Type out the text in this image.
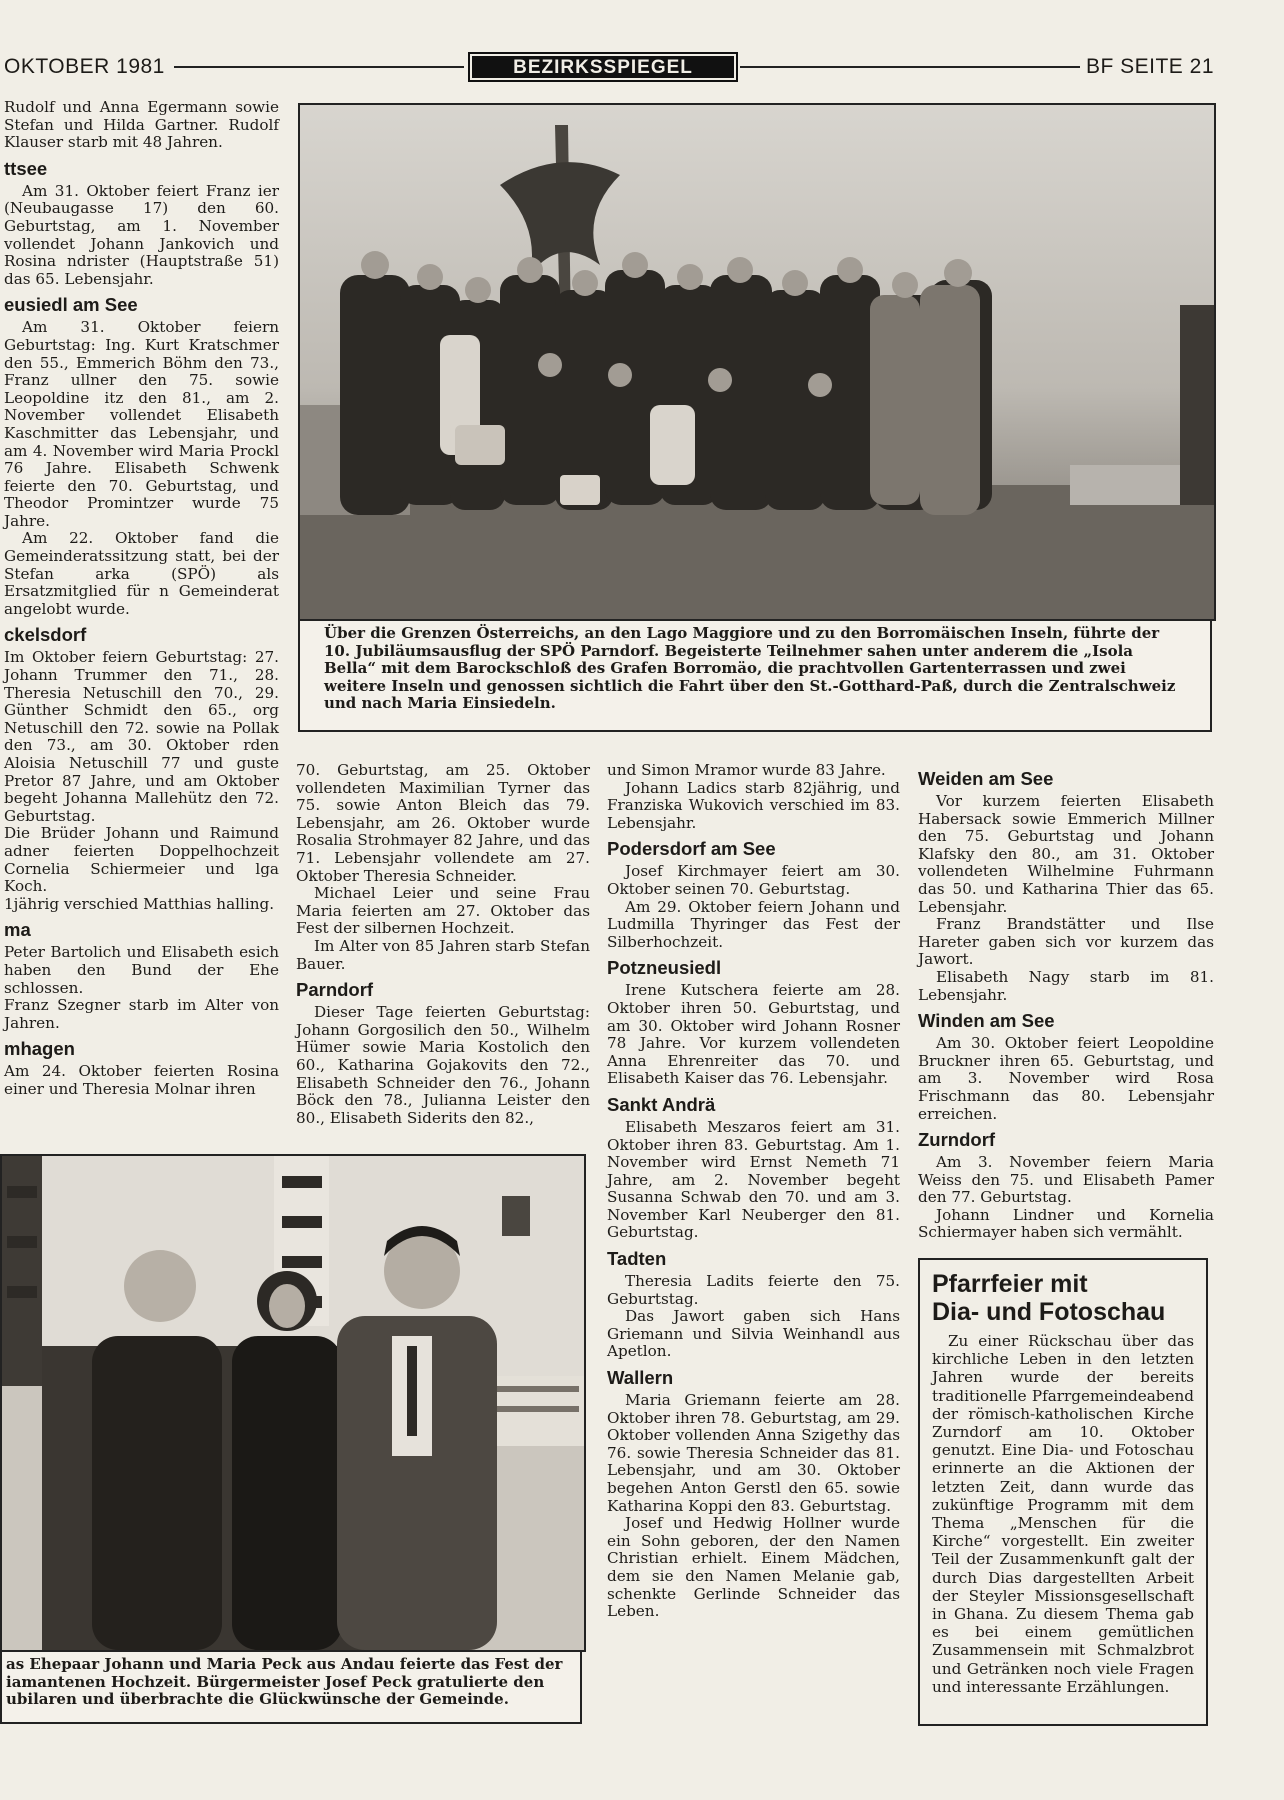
OKTOBER 1981	BEZIRKSSPIEGEL	BF SEITE 21

Rudolf und Anna Egermann sowie Stefan und Hilda Gartner. Rudolf Klauser starb mit 48 Jahren.

ttsee

Am 31. Oktober feiert Franz ier (Neubaugasse 17) den 60. Geburtstag, am 1. November vollendet Johann Jankovich und Rosina ndrister (Hauptstraße 51) das 65. Lebensjahr.

eusiedl am See

Am 31. Oktober feiern Geburtstag: Ing. Kurt Kratschmer den 55., Emmerich Böhm den 73., Franz ullner den 75. sowie Leopoldine itz den 81., am 2. November vollendet Elisabeth Kaschmitter das Lebensjahr, und am 4. November wird Maria Prockl 76 Jahre. Elisabeth Schwenk feierte den 70. Geburtstag, und Theodor Promintzer wurde 75 Jahre.

Am 22. Oktober fand die Gemeinderatssitzung statt, bei der Stefan arka (SPÖ) als Ersatzmitglied für n Gemeinderat angelobt wurde.

ckelsdorf

Im Oktober feiern Geburtstag: 27. Johann Trummer den 71., 28. Theresia Netuschill den 70., 29. Günther Schmidt den 65., org Netuschill den 72. sowie na Pollak den 73., am 30. Oktober rden Aloisia Netuschill 77 und guste Pretor 87 Jahre, und am Oktober begeht Johanna Mallehütz den 72. Geburtstag.

Die Brüder Johann und Raimund adner feierten Doppelhochzeit Cornelia Schiermeier und lga Koch.

1jährig verschied Matthias halling.

ma

Peter Bartolich und Elisabeth esich haben den Bund der Ehe schlossen.

Franz Szegner starb im Alter von Jahren.

mhagen

Am 24. Oktober feierten Rosina einer und Theresia Molnar ihren

Über die Grenzen Österreichs, an den Lago Maggiore und zu den Borromäischen Inseln, führte der 10. Jubiläumsausflug der SPÖ Parndorf. Begeisterte Teilnehmer sahen unter anderem die „Isola Bella“ mit dem Barockschloß des Grafen Borromäo, die prachtvollen Gartenterrassen und zwei weitere Inseln und genossen sichtlich die Fahrt über den St.-Gotthard-Paß, durch die Zentralschweiz und nach Maria Einsiedeln.

70. Geburtstag, am 25. Oktober vollendeten Maximilian Tyrner das 75. sowie Anton Bleich das 79. Lebensjahr, am 26. Oktober wurde Rosalia Strohmayer 82 Jahre, und das 71. Lebensjahr vollendete am 27. Oktober Theresia Schneider.

Michael Leier und seine Frau Maria feierten am 27. Oktober das Fest der silbernen Hochzeit.

Im Alter von 85 Jahren starb Stefan Bauer.

Parndorf

Dieser Tage feierten Geburtstag: Johann Gorgosilich den 50., Wilhelm Hümer sowie Maria Kostolich den 60., Katharina Gojakovits den 72., Elisabeth Schneider den 76., Johann Böck den 78., Julianna Leister den 80., Elisabeth Siderits den 82.,

und Simon Mramor wurde 83 Jahre.

Johann Ladics starb 82jährig, und Franziska Wukovich verschied im 83. Lebensjahr.

Podersdorf am See

Josef Kirchmayer feiert am 30. Oktober seinen 70. Geburtstag.

Am 29. Oktober feiern Johann und Ludmilla Thyringer das Fest der Silberhochzeit.

Potzneusiedl

Irene Kutschera feierte am 28. Oktober ihren 50. Geburtstag, und am 30. Oktober wird Johann Rosner 78 Jahre. Vor kurzem vollendeten Anna Ehrenreiter das 70. und Elisabeth Kaiser das 76. Lebensjahr.

Sankt Andrä

Elisabeth Meszaros feiert am 31. Oktober ihren 83. Geburtstag. Am 1. November wird Ernst Nemeth 71 Jahre, am 2. November begeht Susanna Schwab den 70. und am 3. November Karl Neuberger den 81. Geburtstag.

Tadten

Theresia Ladits feierte den 75. Geburtstag.

Das Jawort gaben sich Hans Griemann und Silvia Weinhandl aus Apetlon.

Wallern

Maria Griemann feierte am 28. Oktober ihren 78. Geburtstag, am 29. Oktober vollenden Anna Szigethy das 76. sowie Theresia Schneider das 81. Lebensjahr, und am 30. Oktober begehen Anton Gerstl den 65. sowie Katharina Koppi den 83. Geburtstag.

Josef und Hedwig Hollner wurde ein Sohn geboren, der den Namen Christian erhielt. Einem Mädchen, dem sie den Namen Melanie gab, schenkte Gerlinde Schneider das Leben.

Weiden am See

Vor kurzem feierten Elisabeth Habersack sowie Emmerich Millner den 75. Geburtstag und Johann Klafsky den 80., am 31. Oktober vollendeten Wilhelmine Fuhrmann das 50. und Katharina Thier das 65. Lebensjahr.

Franz Brandstätter und Ilse Hareter gaben sich vor kurzem das Jawort.

Elisabeth Nagy starb im 81. Lebensjahr.

Winden am See

Am 30. Oktober feiert Leopoldine Bruckner ihren 65. Geburtstag, und am 3. November wird Rosa Frischmann das 80. Lebensjahr erreichen.

Zurndorf

Am 3. November feiern Maria Weiss den 75. und Elisabeth Pamer den 77. Geburtstag.

Johann Lindner und Kornelia Schiermayer haben sich vermählt.

as Ehepaar Johann und Maria Peck aus Andau feierte das Fest der iamantenen Hochzeit. Bürgermeister Josef Peck gratulierte den ubilaren und überbrachte die Glückwünsche der Gemeinde.
Pfarrfeier mit
Dia- und Fotoschau

Zu einer Rückschau über das kirchliche Leben in den letzten Jahren wurde der bereits traditionelle Pfarrgemeindeabend der römisch-katholischen Kirche Zurndorf am 10. Oktober genutzt. Eine Dia- und Fotoschau erinnerte an die Aktionen der letzten Zeit, dann wurde das zukünftige Programm mit dem Thema „Menschen für die Kirche“ vorgestellt. Ein zweiter Teil der Zusammenkunft galt der durch Dias dargestellten Arbeit der Steyler Missionsgesellschaft in Ghana. Zu diesem Thema gab es bei einem gemütlichen Zusammensein mit Schmalzbrot und Getränken noch viele Fragen und interessante Erzählungen.
